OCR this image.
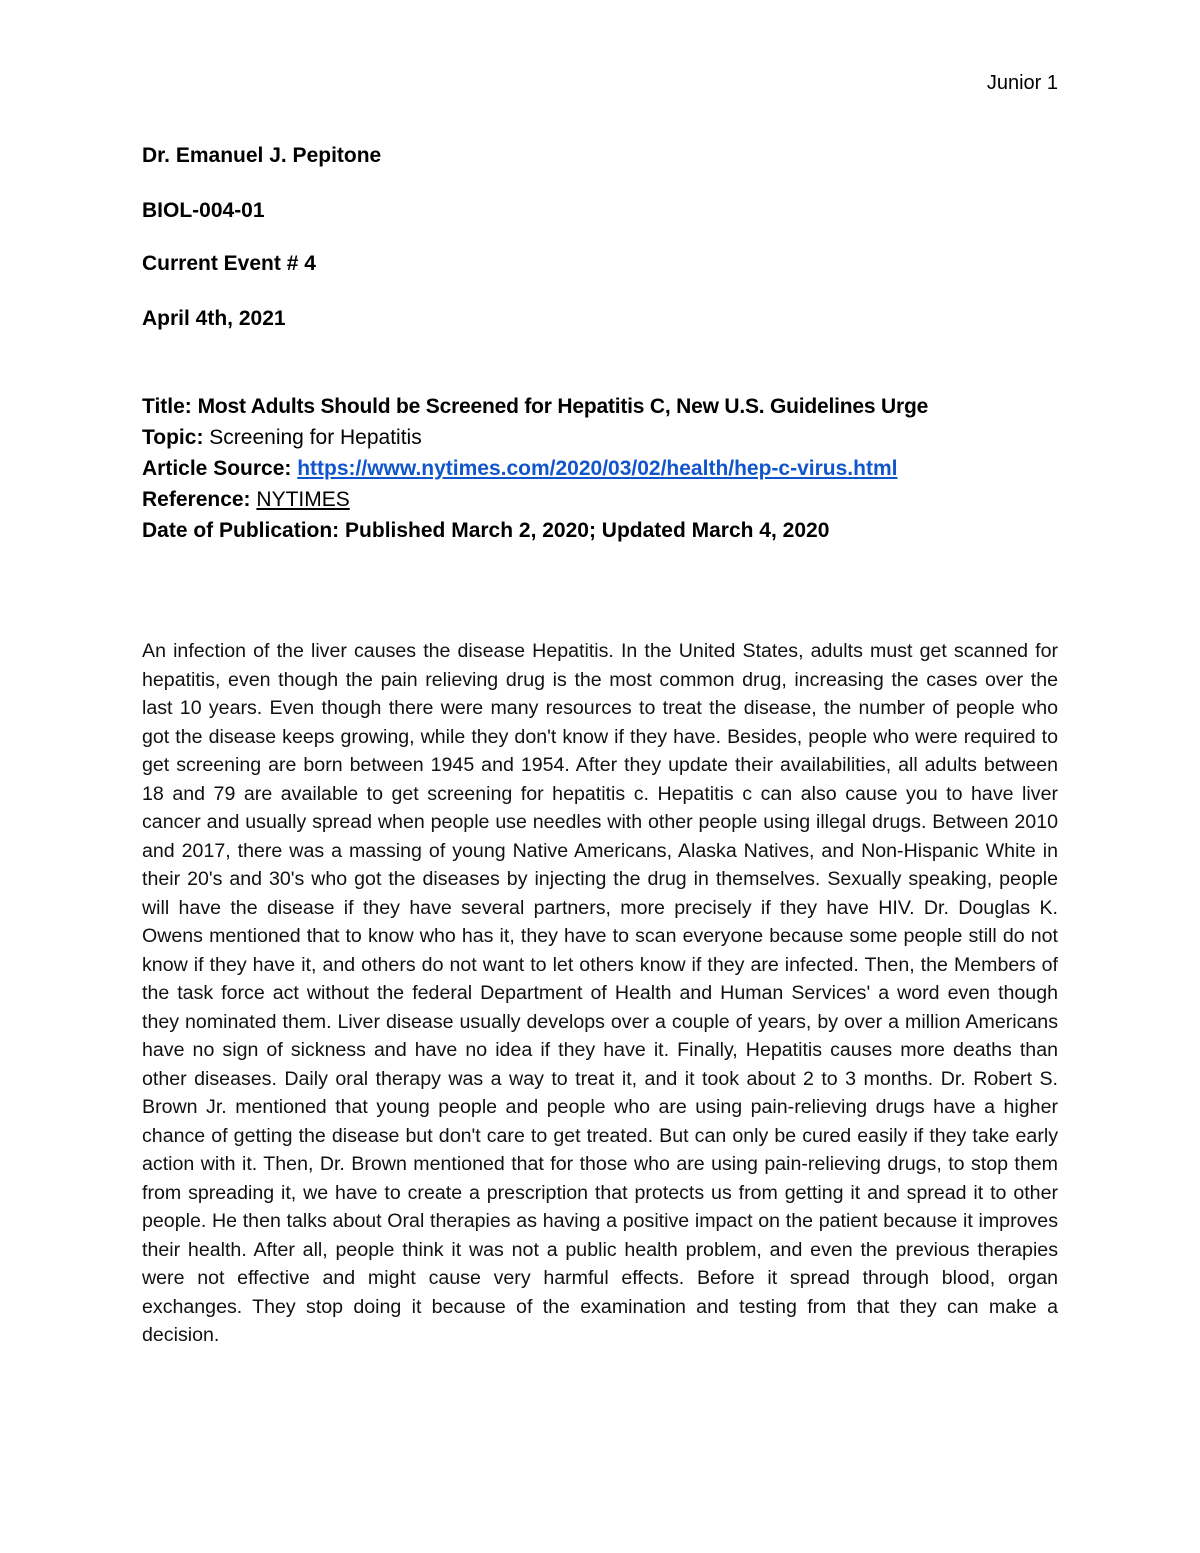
Junior 1
Dr. Emanuel J. Pepitone
BIOL-004-01
Current Event # 4
April 4th, 2021
Title: Most Adults Should be Screened for Hepatitis C, New U.S. Guidelines Urge
Topic: Screening for Hepatitis
Article Source: https://www.nytimes.com/2020/03/02/health/hep-c-virus.html
Reference: NYTIMES
Date of Publication: Published March 2, 2020; Updated March 4, 2020
An infection of the liver causes the disease Hepatitis. In the United States, adults must get scanned for hepatitis, even though the pain relieving drug is the most common drug, increasing the cases over the last 10 years. Even though there were many resources to treat the disease, the number of people who got the disease keeps growing, while they don't know if they have. Besides, people who were required to get screening are born between 1945 and 1954. After they update their availabilities, all adults between 18 and 79 are available to get screening for hepatitis c. Hepatitis c can also cause you to have liver cancer and usually spread when people use needles with other people using illegal drugs. Between 2010 and 2017, there was a massing of young Native Americans, Alaska Natives, and Non-Hispanic White in their 20's and 30's who got the diseases by injecting the drug in themselves. Sexually speaking, people will have the disease if they have several partners, more precisely if they have HIV. Dr. Douglas K. Owens mentioned that to know who has it, they have to scan everyone because some people still do not know if they have it, and others do not want to let others know if they are infected. Then, the Members of the task force act without the federal Department of Health and Human Services' a word even though they nominated them. Liver disease usually develops over a couple of years, by over a million Americans have no sign of sickness and have no idea if they have it. Finally, Hepatitis causes more deaths than other diseases. Daily oral therapy was a way to treat it, and it took about 2 to 3 months. Dr. Robert S. Brown Jr. mentioned that young people and people who are using pain-relieving drugs have a higher chance of getting the disease but don't care to get treated. But can only be cured easily if they take early action with it. Then, Dr. Brown mentioned that for those who are using pain-relieving drugs, to stop them from spreading it, we have to create a prescription that protects us from getting it and spread it to other people. He then talks about Oral therapies as having a positive impact on the patient because it improves their health. After all, people think it was not a public health problem, and even the previous therapies were not effective and might cause very harmful effects. Before it spread through blood, organ exchanges. They stop doing it because of the examination and testing from that they can make a decision.
